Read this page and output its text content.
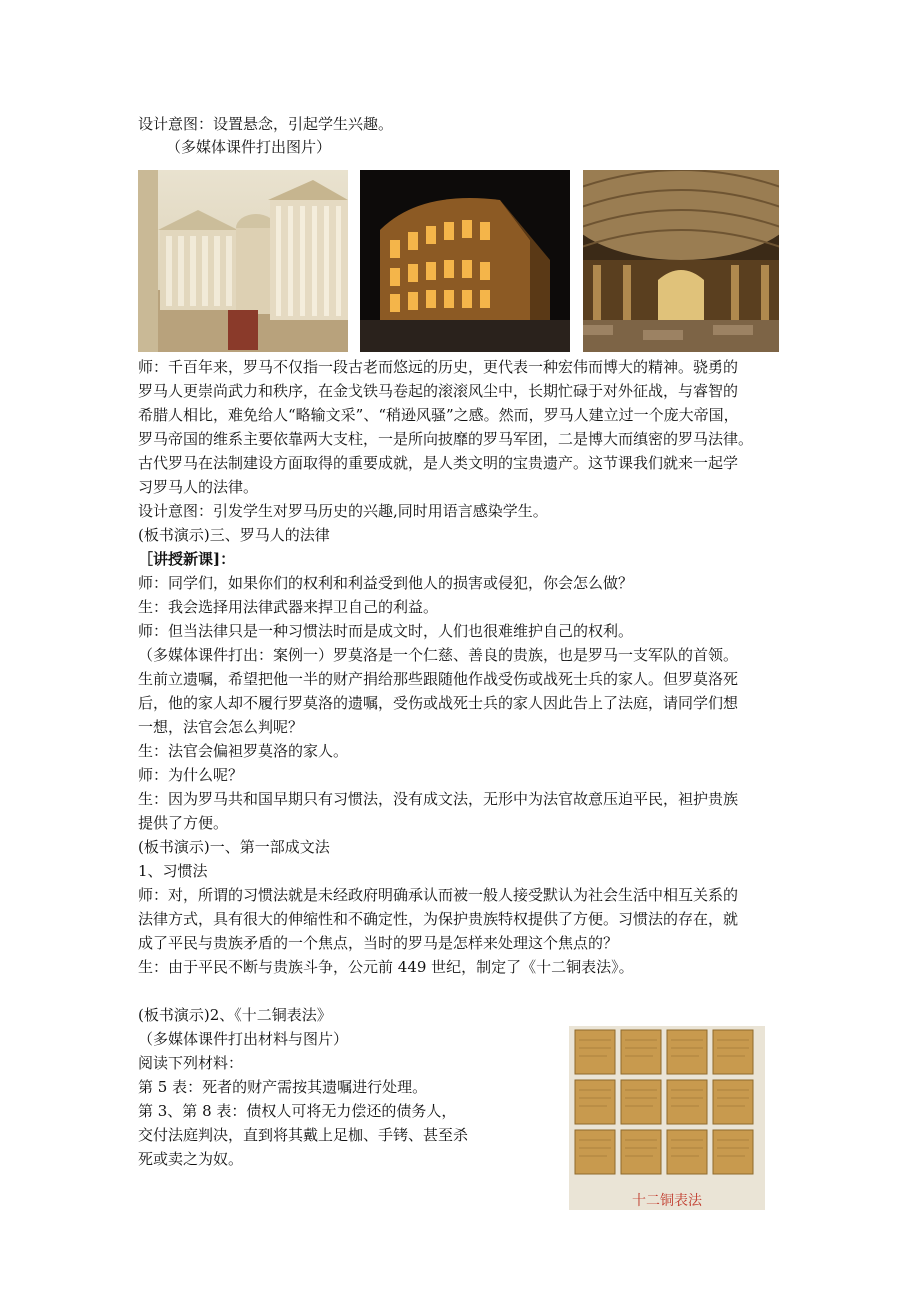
设计意图：设置悬念，引起学生兴趣。
（多媒体课件打出图片）
师：千百年来，罗马不仅指一段古老而悠远的历史，更代表一种宏伟而博大的精神。骁勇的
罗马人更崇尚武力和秩序，在金戈铁马卷起的滚滚风尘中，长期忙碌于对外征战，与睿智的
希腊人相比，难免给人“略输文采”、“稍逊风骚”之感。然而，罗马人建立过一个庞大帝国，
罗马帝国的维系主要依靠两大支柱，一是所向披靡的罗马军团，二是博大而缜密的罗马法律。
古代罗马在法制建设方面取得的重要成就，是人类文明的宝贵遗产。这节课我们就来一起学
习罗马人的法律。
设计意图：引发学生对罗马历史的兴趣,同时用语言感染学生。
(板书演示)三、罗马人的法律
［讲授新课]：
师：同学们，如果你们的权利和利益受到他人的损害或侵犯，你会怎么做？
生：我会选择用法律武器来捍卫自己的利益。
师：但当法律只是一种习惯法时而是成文时，人们也很难维护自己的权利。
（多媒体课件打出：案例一）罗莫洛是一个仁慈、善良的贵族，也是罗马一支军队的首领。
生前立遗嘱，希望把他一半的财产捐给那些跟随他作战受伤或战死士兵的家人。但罗莫洛死
后，他的家人却不履行罗莫洛的遗嘱，受伤或战死士兵的家人因此告上了法庭，请同学们想
一想，法官会怎么判呢？
生：法官会偏袒罗莫洛的家人。
师：为什么呢？
生：因为罗马共和国早期只有习惯法，没有成文法，无形中为法官故意压迫平民，袒护贵族
提供了方便。
(板书演示)一、第一部成文法
1、习惯法
师：对，所谓的习惯法就是未经政府明确承认而被一般人接受默认为社会生活中相互关系的
法律方式，具有很大的伸缩性和不确定性，为保护贵族特权提供了方便。习惯法的存在，就
成了平民与贵族矛盾的一个焦点，当时的罗马是怎样来处理这个焦点的？
生：由于平民不断与贵族斗争，公元前 449 世纪，制定了《十二铜表法》。
(板书演示)2、《十二铜表法》
（多媒体课件打出材料与图片）
阅读下列材料：
第 5 表：死者的财产需按其遗嘱进行处理。
第 3、第 8 表：债权人可将无力偿还的债务人，
交付法庭判决，直到将其戴上足枷、手铐、甚至杀
死或卖之为奴。
十二铜表法
